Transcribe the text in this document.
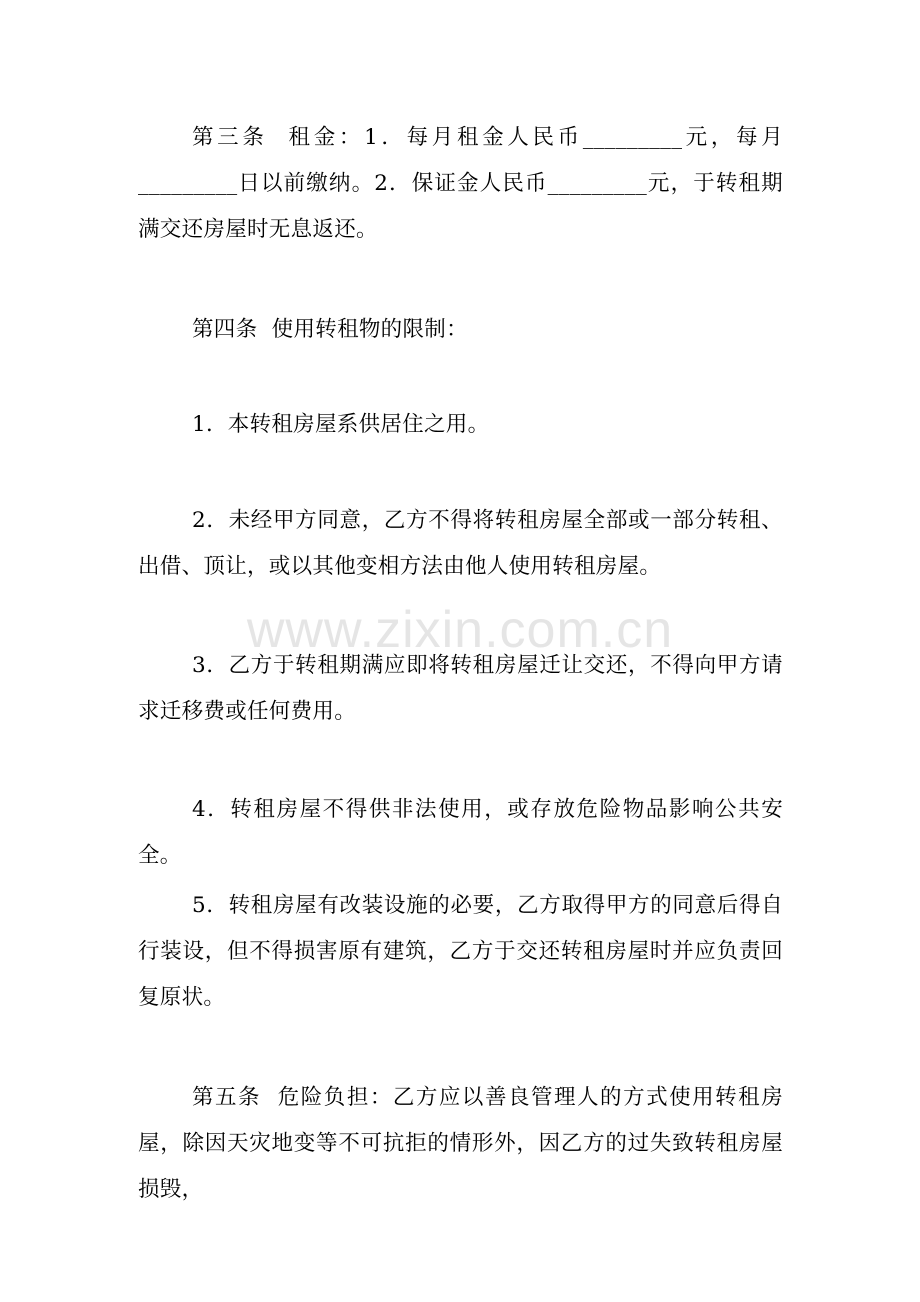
第三条  租金：1．每月租金人民币_________元，每月_________日以前缴纳。2．保证金人民币_________元，于转租期满交还房屋时无息返还。

第四条  使用转租物的限制：

1．本转租房屋系供居住之用。

2．未经甲方同意，乙方不得将转租房屋全部或一部分转租、出借、顶让，或以其他变相方法由他人使用转租房屋。

3．乙方于转租期满应即将转租房屋迁让交还，不得向甲方请求迁移费或任何费用。

4．转租房屋不得供非法使用，或存放危险物品影响公共安全。

5．转租房屋有改装设施的必要，乙方取得甲方的同意后得自行装设，但不得损害原有建筑，乙方于交还转租房屋时并应负责回复原状。

第五条  危险负担：乙方应以善良管理人的方式使用转租房屋，除因天灾地变等不可抗拒的情形外，因乙方的过失致转租房屋损毁，

www.zixin.com.cn
